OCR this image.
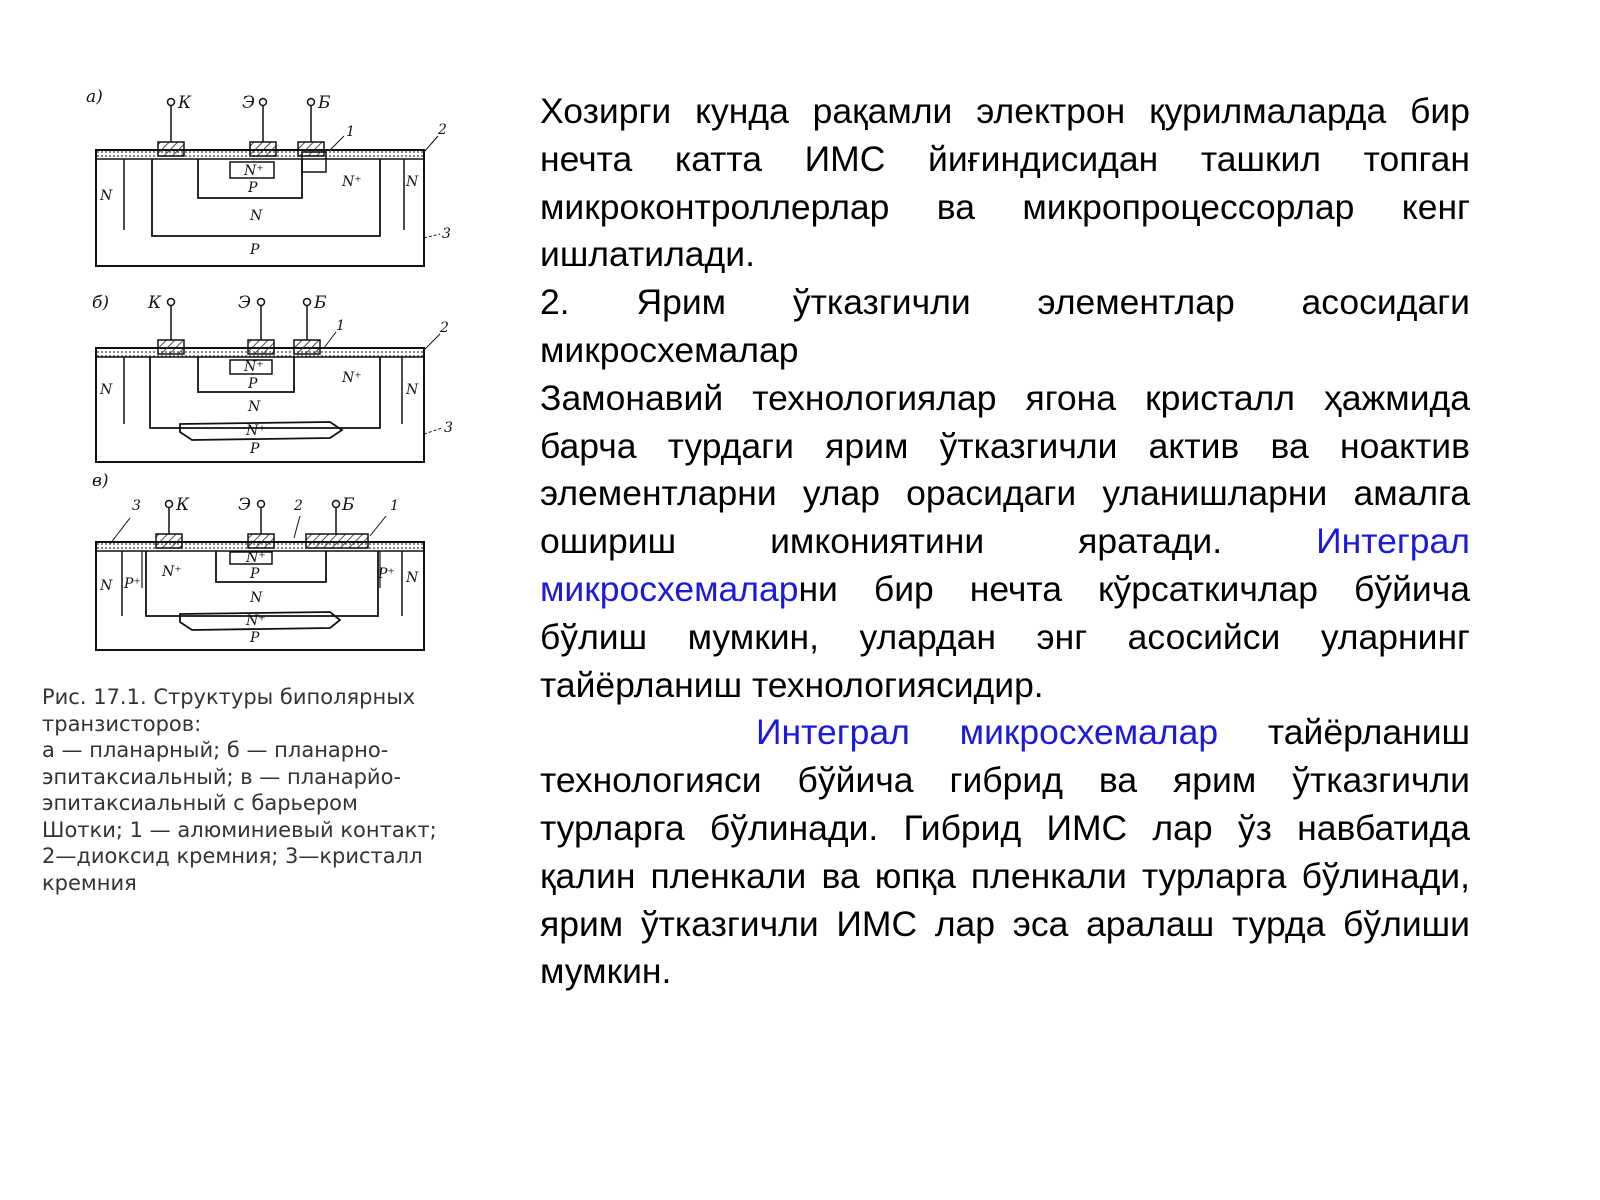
а)	К	Э	Б
1	2
3
N
N⁺
P	N⁺
N
N
P
б) К	Э	Б
1	2
3
N
N⁺
P	N⁺
N
N
N⁺
P
в)
К	Э	Б
3	2	1
N P⁺
N⁺
N⁺
P
N
N⁺
P
P⁺ N
Рис. 17.1. Структуры биполярных транзисторов:
а — планарный; б — планарно-
эпитаксиальный; в — планарйо-
эпитаксиальный с барьером
Шотки; 1 — алюминиевый контакт;
2—диоксид кремния; 3—кристалл
кремния

Хозирги кунда рақамли электрон қурилмаларда бир нечта катта ИМС йиғиндисидан ташкил топган микроконтроллерлар ва микропроцессорлар кенг ишлатилади.

2. Ярим ўтказгичли элементлар асосидаги микросхемалар

Замонавий технологиялар ягона кристалл ҳажмида барча турдаги ярим ўтказгичли актив ва ноактив элементларни улар орасидаги уланишларни амалга ошириш имкониятини яратади. Интеграл микросхемаларни бир нечта кўрсаткичлар бўйича бўлиш мумкин, улардан энг асосийси уларнинг тайёрланиш технологиясидир.

Интеграл микросхемалар тайёрланиш технологияси бўйича гибрид ва ярим ўтказгичли турларга бўлинади. Гибрид ИМС лар ўз навбатида қалин пленкали ва юпқа пленкали турларга бўлинади, ярим ўтказгичли ИМС лар эса аралаш турда бўлиши мумкин.
